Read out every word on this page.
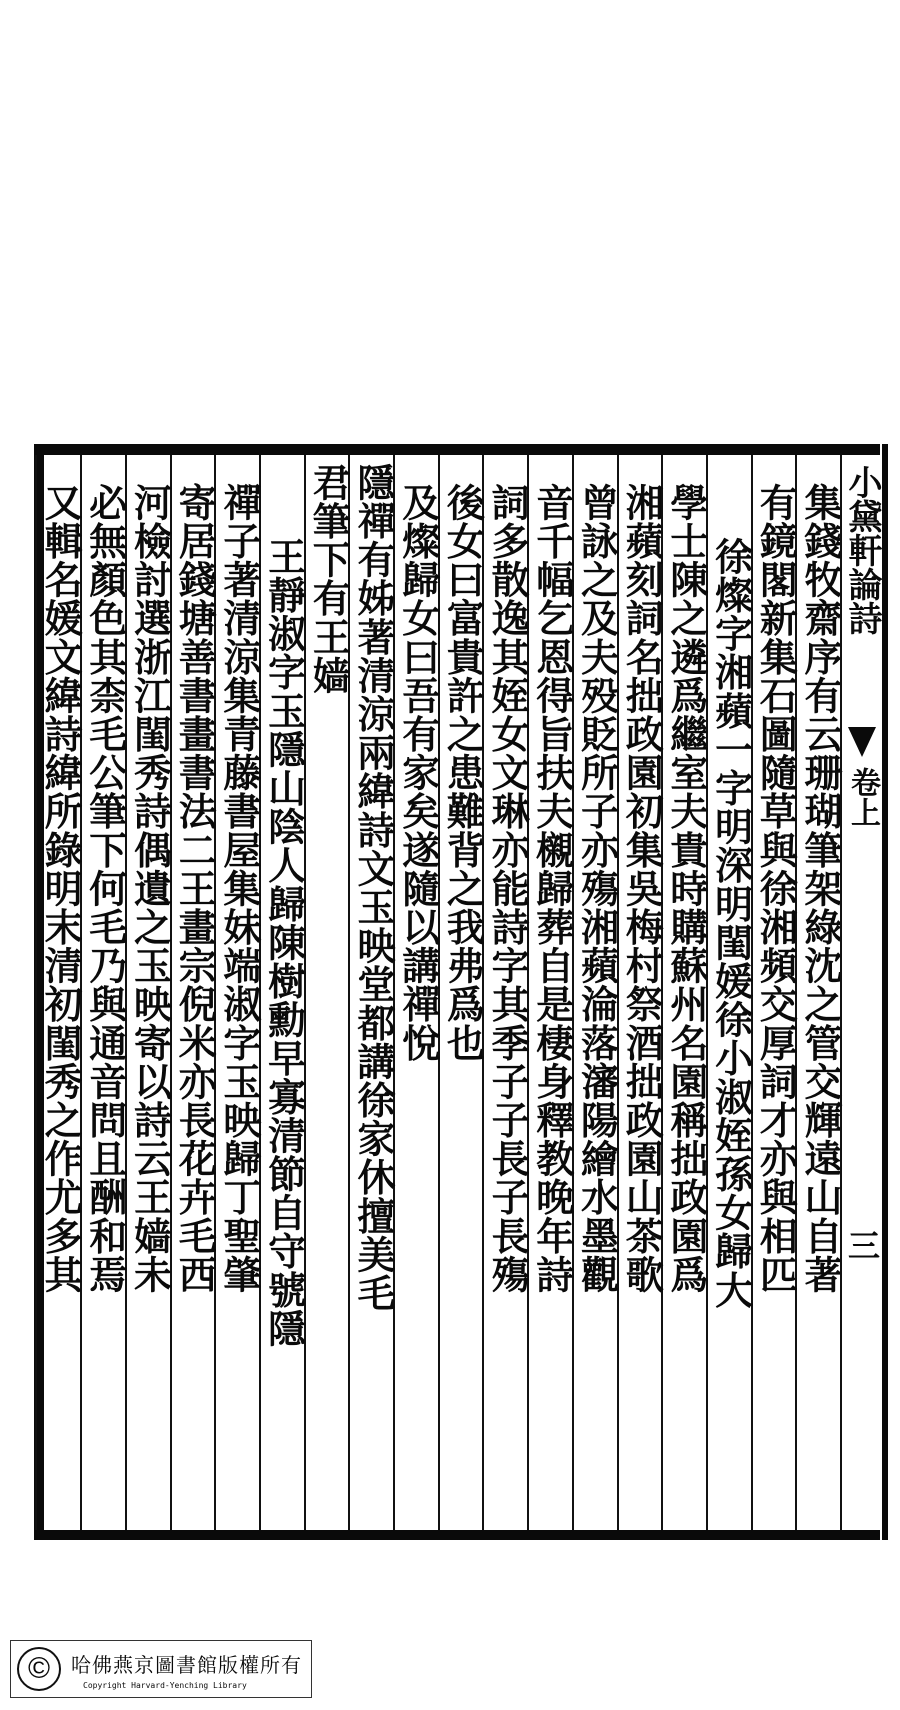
集錢牧齋序有云珊瑚筆架綠沈之管交輝遠山自著
有鏡閣新集石圖隨草與徐湘頻交厚詞才亦與相匹
徐燦字湘蘋一字明深明閨媛徐小淑姪孫女歸大
學士陳之遴爲繼室夫貴時購蘇州名園稱拙政園爲
湘蘋刻詞名拙政園初集吳梅村祭酒拙政園山茶歌
曾詠之及夫殁貶所子亦殤湘蘋淪落瀋陽繪水墨觀
音千幅乞恩得旨扶夫櫬歸葬自是棲身釋教晚年詩
詞多散逸其姪女文琳亦能詩字其季子子長子長殤
後女曰富貴許之患難背之我弗爲也
及燦歸女曰吾有家矣遂隨以講禪悅
隱禪有姊著清涼兩緯詩文玉映堂都講徐家休擅美毛
君筆下有王嫱
王靜淑字玉隱山陰人歸陳樹勳早寡清節自守號隱
禪子著清涼集青藤書屋集妹端淑字玉映歸丁聖肇
寄居錢塘善書畫書法二王畫宗倪米亦長花卉毛西
河檢討選浙江閨秀詩偶遺之玉映寄以詩云王嫱未
必無顏色其柰毛公筆下何毛乃與通音問且酬和焉
又輯名媛文緯詩緯所錄明末清初閨秀之作尤多其	小黛軒論詩
卷上
三
©	哈佛燕京圖書館版權所有
Copyright Harvard-Yenching Library
